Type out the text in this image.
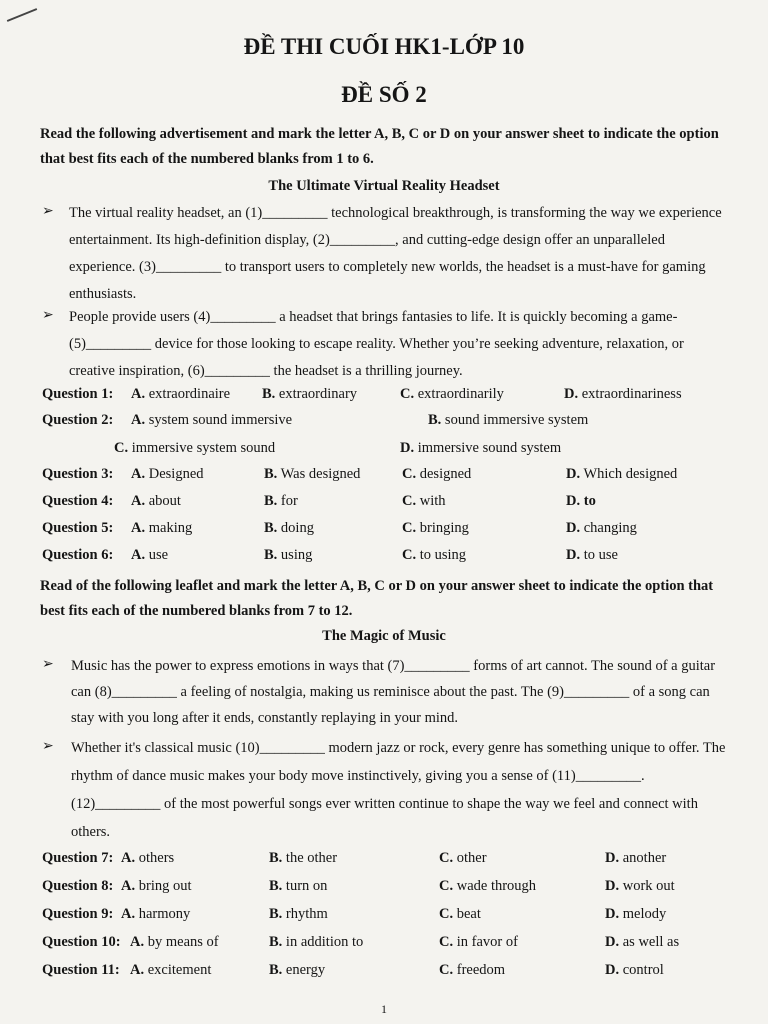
ĐỀ THI CUỐI HK1-LỚP 10
ĐỀ SỐ 2

Read the following advertisement and mark the letter A, B, C or D on your answer sheet to indicate the option that best fits each of the numbered blanks from 1 to 6.

The Ultimate Virtual Reality Headset

➢ The virtual reality headset, an (1)_________ technological breakthrough, is transforming the way we experience entertainment. Its high-definition display, (2)_________, and cutting-edge design offer an unparalleled experience. (3)_________ to transport users to completely new worlds, the headset is a must-have for gaming enthusiasts.

➢ People provide users (4)_________ a headset that brings fantasies to life. It is quickly becoming a game-(5)_________ device for those looking to escape reality. Whether you’re seeking adventure, relaxation, or creative inspiration, (6)_________ the headset is a thrilling journey.

Question 1: A. extraordinaire B. extraordinary	C. extraordinarily	D. extraordinariness
Question 2: A. system sound immersive	B. sound immersive system
C. immersive system sound	D. immersive sound system
Question 3: A. Designed	B. Was designed	C. designed	D. Which designed
Question 4: A. about	B. for	C. with	D. to
Question 5: A. making	B. doing	C. bringing	D. changing
Question 6: A. use	B. using	C. to using	D. to use

Read of the following leaflet and mark the letter A, B, C or D on your answer sheet to indicate the option that best fits each of the numbered blanks from 7 to 12.

The Magic of Music

➢ Music has the power to express emotions in ways that (7)_________ forms of art cannot. The sound of a guitar can (8)_________ a feeling of nostalgia, making us reminisce about the past. The (9)_________ of a song can stay with you long after it ends, constantly replaying in your mind.

➢ Whether it's classical music (10)_________ modern jazz or rock, every genre has something unique to offer. The rhythm of dance music makes your body move instinctively, giving you a sense of (11)_________. (12)_________ of the most powerful songs ever written continue to shape the way we feel and connect with others.

Question 7: A. others	B. the other	C. other	D. another
Question 8: A. bring out	B. turn on	C. wade through	D. work out
Question 9: A. harmony	B. rhythm	C. beat	D. melody
Question 10: A. by means of	B. in addition to	C. in favor of	D. as well as
Question 11: A. excitement	B. energy	C. freedom	D. control

1
